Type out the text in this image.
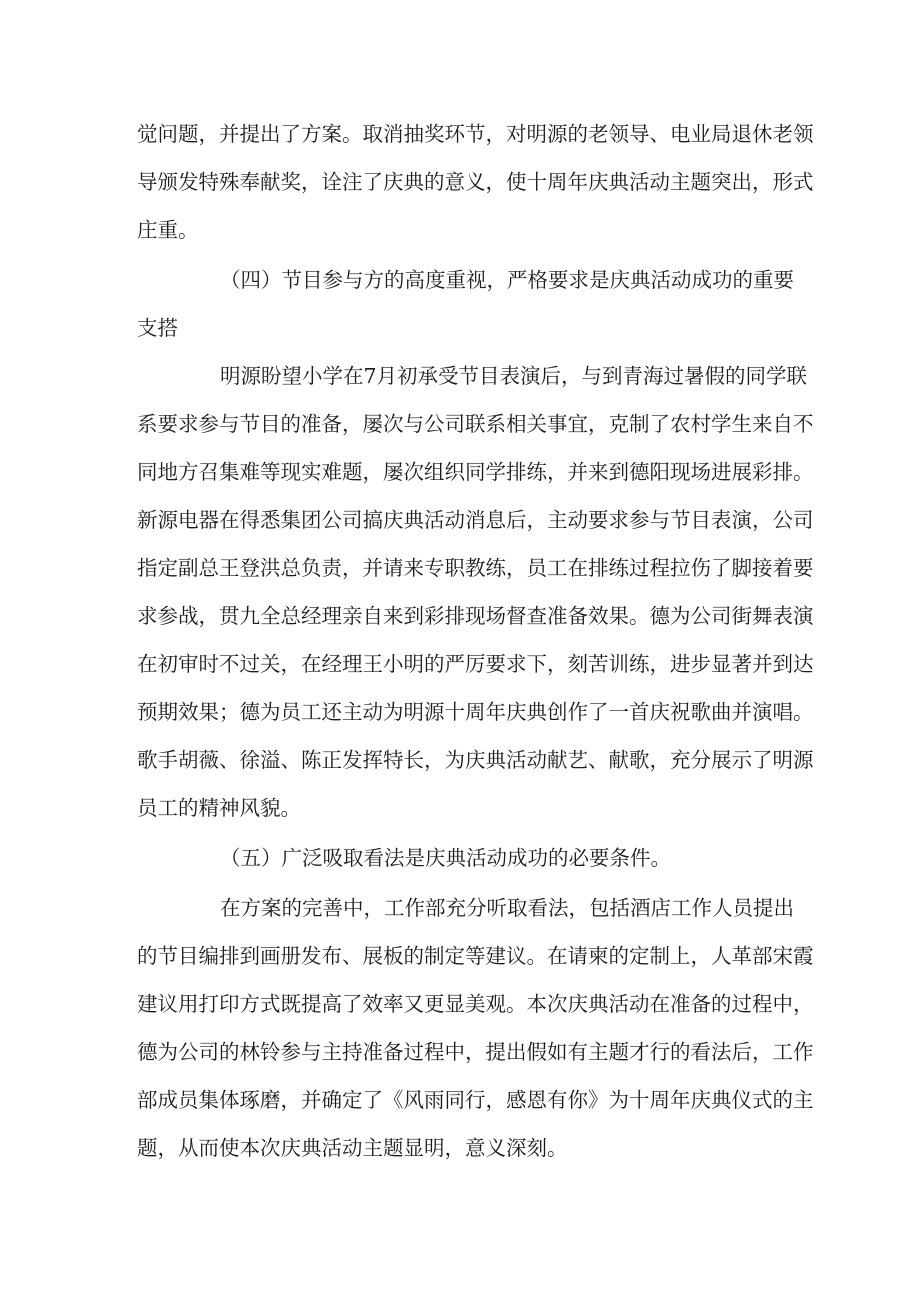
觉问题，并提出了方案。取消抽奖环节，对明源的老领导、电业局退休老领
导颁发特殊奉献奖，诠注了庆典的意义，使十周年庆典活动主题突出，形式
庄重。
（四）节目参与方的高度重视，严格要求是庆典活动成功的重要
支搭
明源盼望小学在7月初承受节目表演后，与到青海过暑假的同学联
系要求参与节目的准备，屡次与公司联系相关事宜，克制了农村学生来自不
同地方召集难等现实难题，屡次组织同学排练，并来到德阳现场进展彩排。
新源电器在得悉集团公司搞庆典活动消息后，主动要求参与节目表演，公司
指定副总王登洪总负责，并请来专职教练，员工在排练过程拉伤了脚接着要
求参战，贯九全总经理亲自来到彩排现场督查准备效果。德为公司街舞表演
在初审时不过关，在经理王小明的严厉要求下，刻苦训练，进步显著并到达
预期效果；德为员工还主动为明源十周年庆典创作了一首庆祝歌曲并演唱。
歌手胡薇、徐溢、陈正发挥特长，为庆典活动献艺、献歌，充分展示了明源
员工的精神风貌。
（五）广泛吸取看法是庆典活动成功的必要条件。
在方案的完善中，工作部充分听取看法，包括酒店工作人员提出
的节目编排到画册发布、展板的制定等建议。在请柬的定制上，人革部宋霞
建议用打印方式既提高了效率又更显美观。本次庆典活动在准备的过程中，
德为公司的林铃参与主持准备过程中，提出假如有主题才行的看法后，工作
部成员集体琢磨，并确定了《风雨同行，感恩有你》为十周年庆典仪式的主
题，从而使本次庆典活动主题显明，意义深刻。
